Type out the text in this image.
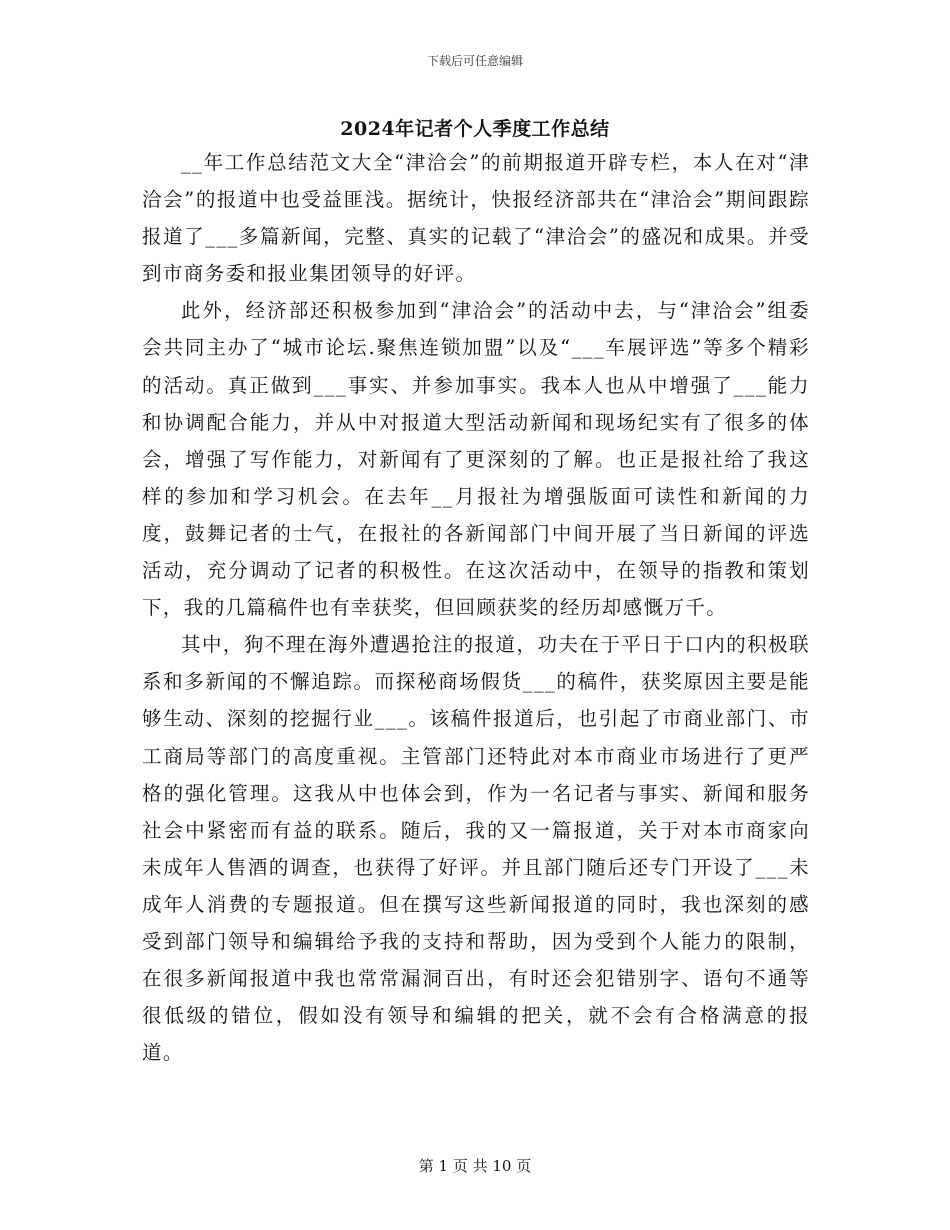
下载后可任意编辑
2024年记者个人季度工作总结

__年工作总结范文大全“津洽会”的前期报道开辟专栏，本人在对“津洽会”的报道中也受益匪浅。据统计，快报经济部共在“津洽会”期间跟踪报道了___多篇新闻，完整、真实的记载了“津洽会”的盛况和成果。并受到市商务委和报业集团领导的好评。

此外，经济部还积极参加到“津洽会”的活动中去，与“津洽会”组委会共同主办了“城市论坛.聚焦连锁加盟”以及“___车展评选”等多个精彩的活动。真正做到___事实、并参加事实。我本人也从中增强了___能力和协调配合能力，并从中对报道大型活动新闻和现场纪实有了很多的体会，增强了写作能力，对新闻有了更深刻的了解。也正是报社给了我这样的参加和学习机会。在去年__月报社为增强版面可读性和新闻的力度，鼓舞记者的士气，在报社的各新闻部门中间开展了当日新闻的评选活动，充分调动了记者的积极性。在这次活动中，在领导的指教和策划下，我的几篇稿件也有幸获奖，但回顾获奖的经历却感慨万千。

其中，狗不理在海外遭遇抢注的报道，功夫在于平日于口内的积极联系和多新闻的不懈追踪。而探秘商场假货___的稿件，获奖原因主要是能够生动、深刻的挖掘行业___。该稿件报道后，也引起了市商业部门、市工商局等部门的高度重视。主管部门还特此对本市商业市场进行了更严格的强化管理。这我从中也体会到，作为一名记者与事实、新闻和服务社会中紧密而有益的联系。随后，我的又一篇报道，关于对本市商家向未成年人售酒的调查，也获得了好评。并且部门随后还专门开设了___未成年人消费的专题报道。但在撰写这些新闻报道的同时，我也深刻的感受到部门领导和编辑给予我的支持和帮助，因为受到个人能力的限制，在很多新闻报道中我也常常漏洞百出，有时还会犯错别字、语句不通等很低级的错位，假如没有领导和编辑的把关，就不会有合格满意的报道。

第 1 页 共 10 页
